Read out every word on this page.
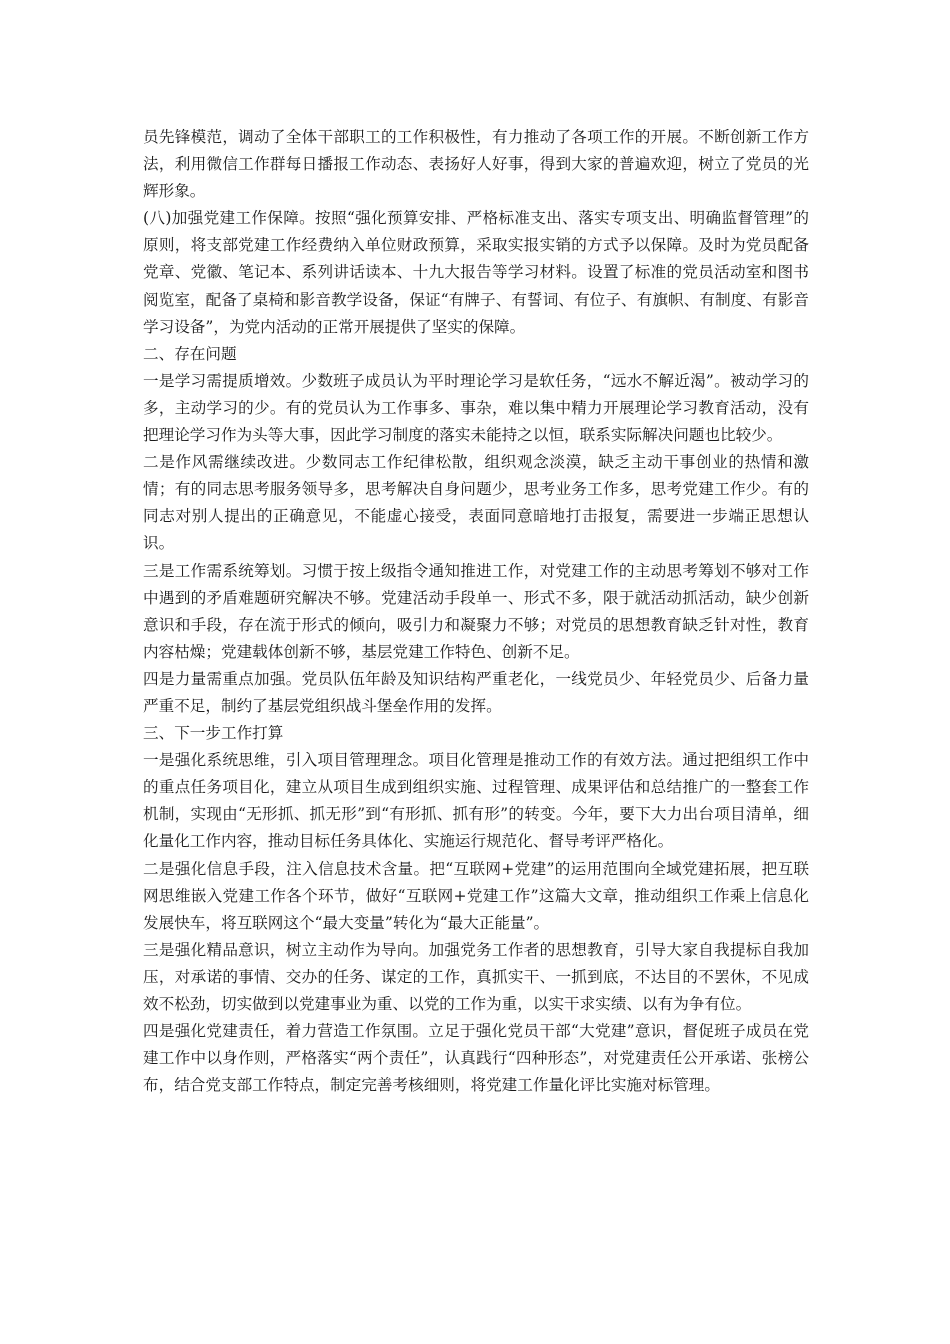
员先锋模范，调动了全体干部职工的工作积极性，有力推动了各项工作的开展。不断创新工作方法，利用微信工作群每日播报工作动态、表扬好人好事，得到大家的普遍欢迎，树立了党员的光辉形象。

(八)加强党建工作保障。按照“强化预算安排、严格标准支出、落实专项支出、明确监督管理”的原则，将支部党建工作经费纳入单位财政预算，采取实报实销的方式予以保障。及时为党员配备党章、党徽、笔记本、系列讲话读本、十九大报告等学习材料。设置了标准的党员活动室和图书阅览室，配备了桌椅和影音教学设备，保证“有牌子、有誓词、有位子、有旗帜、有制度、有影音学习设备”，为党内活动的正常开展提供了坚实的保障。

二、存在问题

一是学习需提质增效。少数班子成员认为平时理论学习是软任务，“远水不解近渴”。被动学习的多，主动学习的少。有的党员认为工作事多、事杂，难以集中精力开展理论学习教育活动，没有把理论学习作为头等大事，因此学习制度的落实未能持之以恒，联系实际解决问题也比较少。

二是作风需继续改进。少数同志工作纪律松散，组织观念淡漠，缺乏主动干事创业的热情和激情；有的同志思考服务领导多，思考解决自身问题少，思考业务工作多，思考党建工作少。有的同志对别人提出的正确意见，不能虚心接受，表面同意暗地打击报复，需要进一步端正思想认识。

三是工作需系统筹划。习惯于按上级指令通知推进工作，对党建工作的主动思考筹划不够对工作中遇到的矛盾难题研究解决不够。党建活动手段单一、形式不多，限于就活动抓活动，缺少创新意识和手段，存在流于形式的倾向，吸引力和凝聚力不够；对党员的思想教育缺乏针对性，教育内容枯燥；党建载体创新不够，基层党建工作特色、创新不足。

四是力量需重点加强。党员队伍年龄及知识结构严重老化，一线党员少、年轻党员少、后备力量严重不足，制约了基层党组织战斗堡垒作用的发挥。

三、下一步工作打算

一是强化系统思维，引入项目管理理念。项目化管理是推动工作的有效方法。通过把组织工作中的重点任务项目化，建立从项目生成到组织实施、过程管理、成果评估和总结推广的一整套工作机制，实现由“无形抓、抓无形”到“有形抓、抓有形”的转变。今年，要下大力出台项目清单，细化量化工作内容，推动目标任务具体化、实施运行规范化、督导考评严格化。

二是强化信息手段，注入信息技术含量。把“互联网+党建”的运用范围向全域党建拓展，把互联网思维嵌入党建工作各个环节，做好“互联网+党建工作”这篇大文章，推动组织工作乘上信息化发展快车，将互联网这个“最大变量”转化为“最大正能量”。

三是强化精品意识，树立主动作为导向。加强党务工作者的思想教育，引导大家自我提标自我加压，对承诺的事情、交办的任务、谋定的工作，真抓实干、一抓到底，不达目的不罢休，不见成效不松劲，切实做到以党建事业为重、以党的工作为重，以实干求实绩、以有为争有位。

四是强化党建责任，着力营造工作氛围。立足于强化党员干部“大党建”意识，督促班子成员在党建工作中以身作则，严格落实“两个责任”，认真践行“四种形态”，对党建责任公开承诺、张榜公布，结合党支部工作特点，制定完善考核细则，将党建工作量化评比实施对标管理。
